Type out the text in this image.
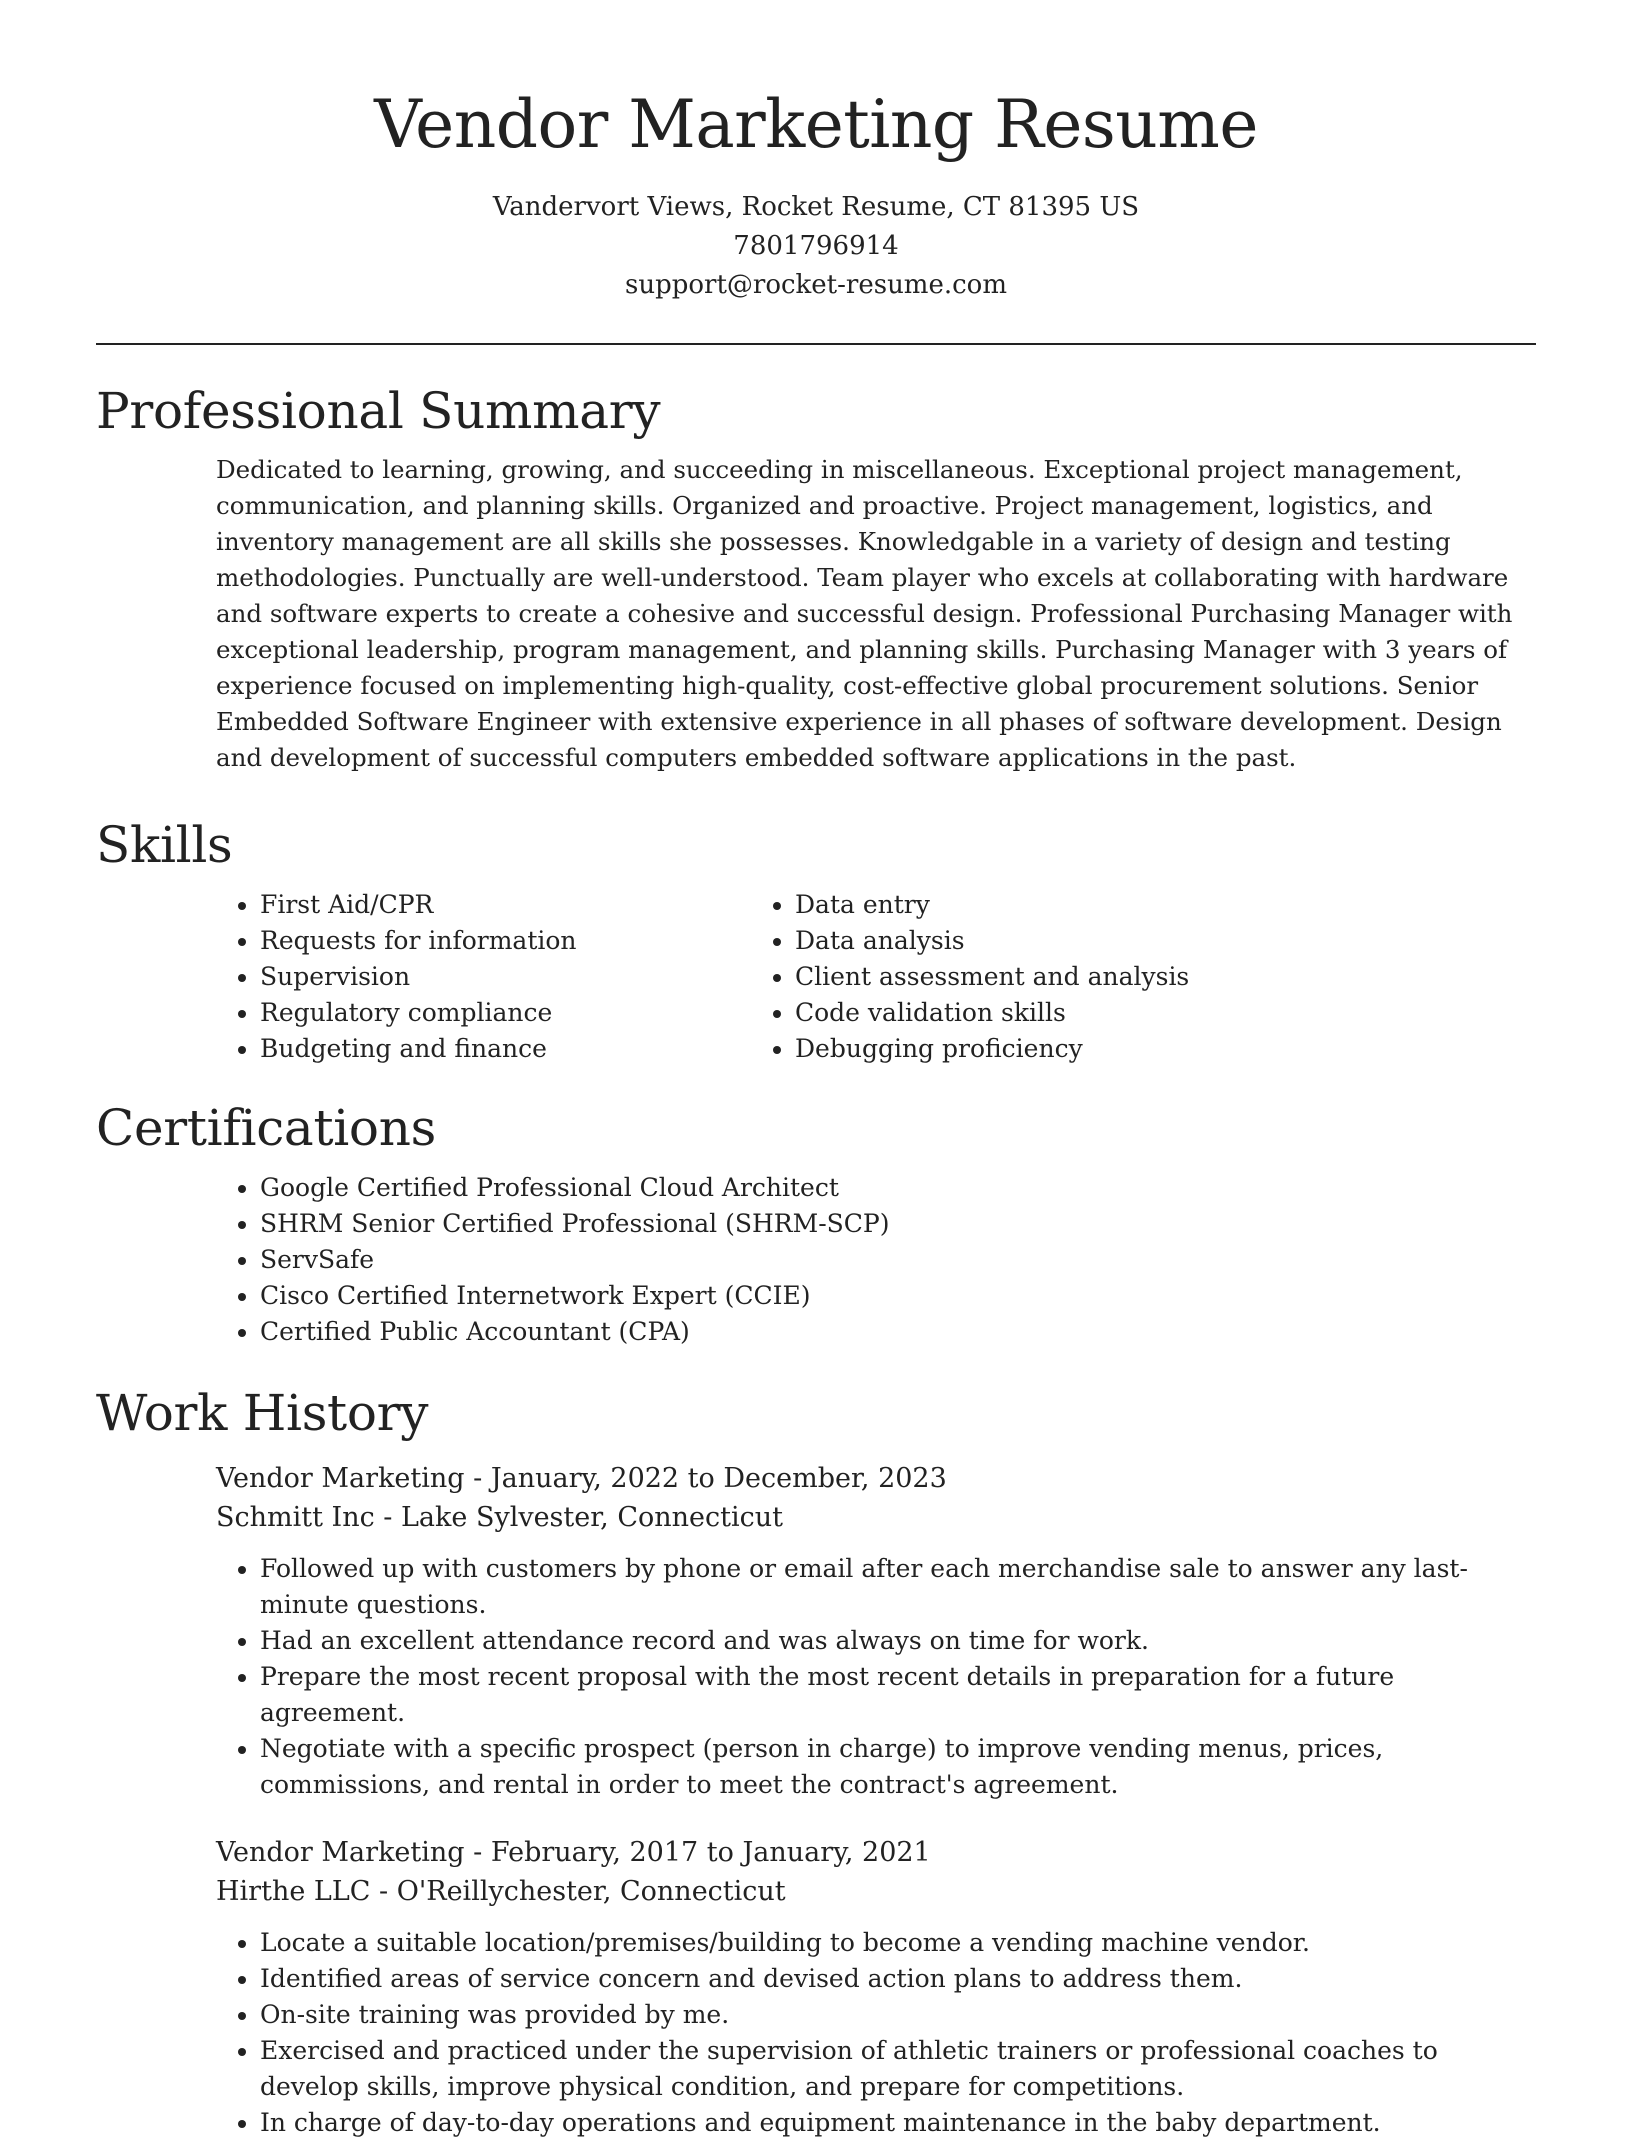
Vendor Marketing Resume

Vandervort Views, Rocket Resume, CT 81395 US

7801796914

support@rocket-resume.com

Professional Summary

Dedicated to learning, growing, and succeeding in miscellaneous. Exceptional project management, communication, and planning skills. Organized and proactive. Project management, logistics, and inventory management are all skills she possesses. Knowledgable in a variety of design and testing methodologies. Punctually are well-understood. Team player who excels at collaborating with hardware and software experts to create a cohesive and successful design. Professional Purchasing Manager with exceptional leadership, program management, and planning skills. Purchasing Manager with 3 years of experience focused on implementing high-quality, cost-effective global procurement solutions. Senior Embedded Software Engineer with extensive experience in all phases of software development. Design and development of successful computers embedded software applications in the past.

Skills
• First Aid/CPR
• Requests for information
• Supervision
• Regulatory compliance
• Budgeting and finance
• Data entry
• Data analysis
• Client assessment and analysis
• Code validation skills
• Debugging proficiency
Certifications
• Google Certified Professional Cloud Architect
• SHRM Senior Certified Professional (SHRM-SCP)
• ServSafe
• Cisco Certified Internetwork Expert (CCIE)
• Certified Public Accountant (CPA)
Work History

Vendor Marketing - January, 2022 to December, 2023

Schmitt Inc - Lake Sylvester, Connecticut

• Followed up with customers by phone or email after each merchandise sale to answer any last-minute questions.
• Had an excellent attendance record and was always on time for work.
• Prepare the most recent proposal with the most recent details in preparation for a future agreement.
• Negotiate with a specific prospect (person in charge) to improve vending menus, prices, commissions, and rental in order to meet the contract's agreement.

Vendor Marketing - February, 2017 to January, 2021

Hirthe LLC - O'Reillychester, Connecticut

• Locate a suitable location/premises/building to become a vending machine vendor.
• Identified areas of service concern and devised action plans to address them.
• On-site training was provided by me.
• Exercised and practiced under the supervision of athletic trainers or professional coaches to develop skills, improve physical condition, and prepare for competitions.
• In charge of day-to-day operations and equipment maintenance in the baby department.
